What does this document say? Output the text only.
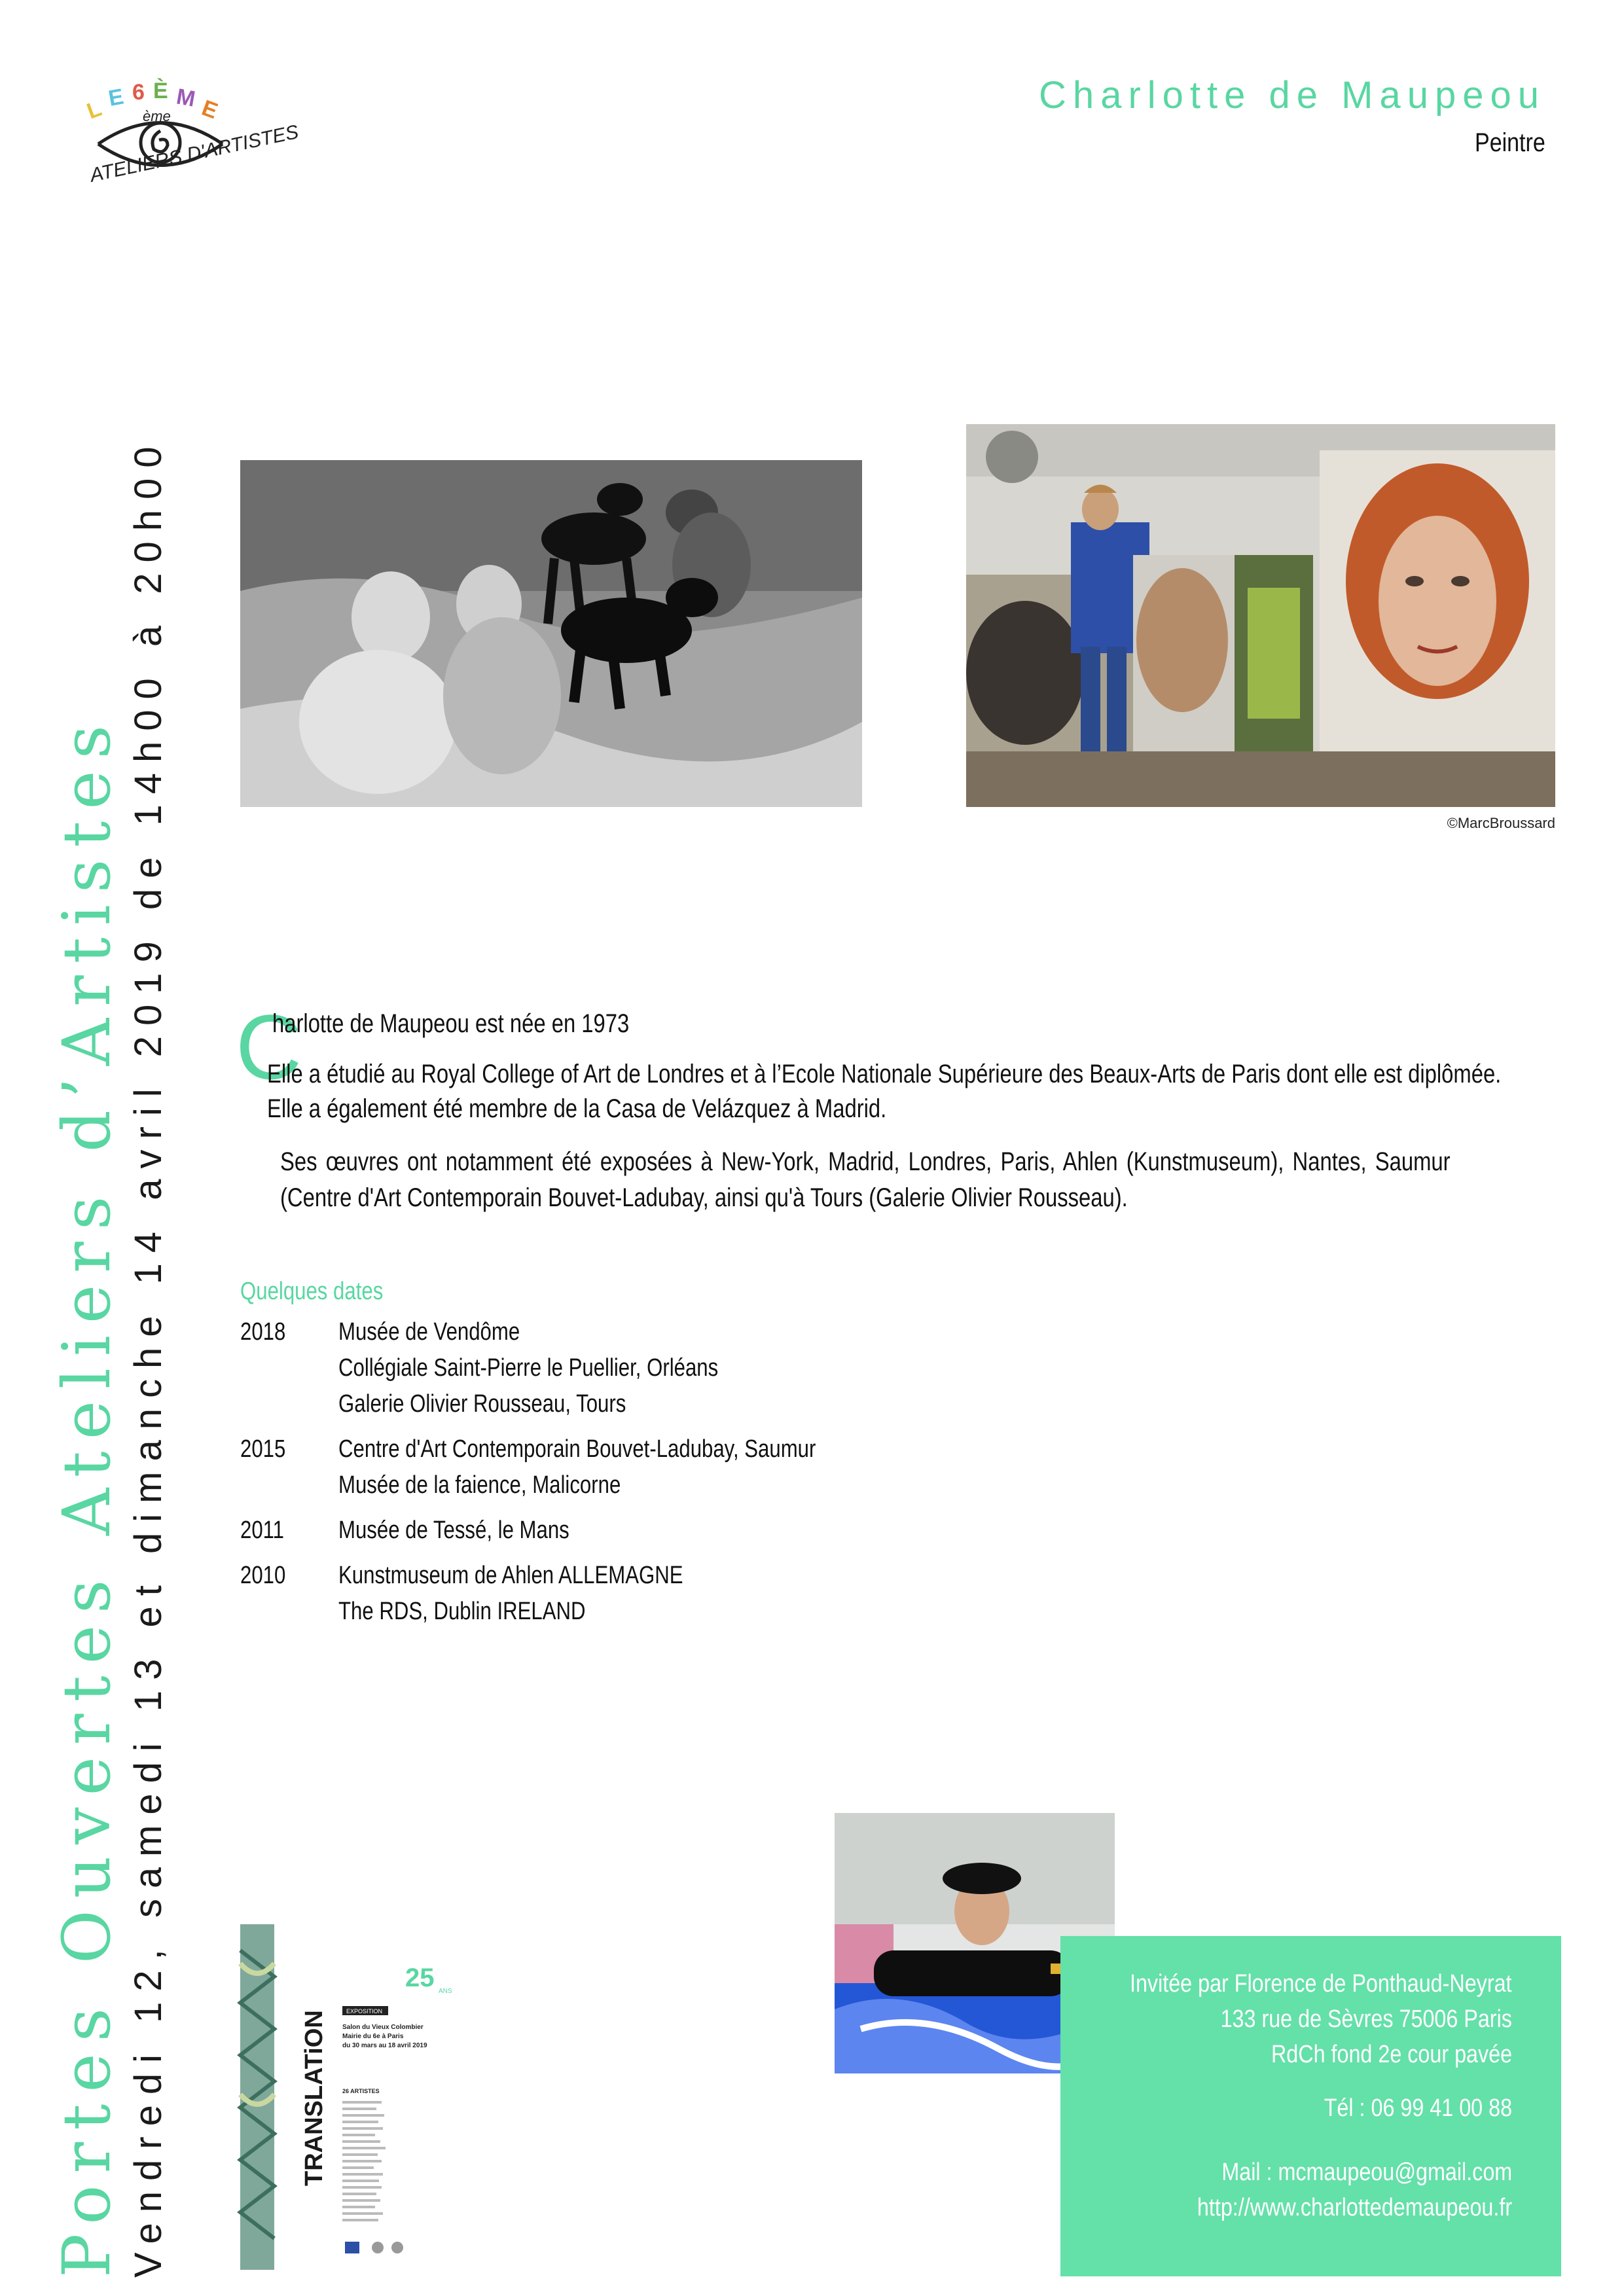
L E 6 È M E
ème
ATELIERS D'ARTISTES
Charlotte de Maupeou
Peintre
Portes Ouvertes Ateliers d’Artistes Vendredi 12, samedi 13 et dimanche 14 avril 2019 de 14h00 à 20h00	©MarcBroussard
C
harlotte de Maupeou est née en 1973
Elle a étudié au Royal College of Art de Londres et à l’Ecole Nationale Supérieure des Beaux-Arts de Paris dont elle est diplômée.
Elle a également été membre de la Casa de Velázquez à Madrid.
Ses œuvres ont notamment été exposées à New-York, Madrid, Londres, Paris, Ahlen (Kunstmuseum), Nantes, Saumur (Centre d'Art Contemporain Bouvet-Ladubay, ainsi qu'à Tours (Galerie Olivier Rousseau).
Quelques dates
2018	Musée de Vendôme
Collégiale Saint-Pierre le Puellier, Orléans
Galerie Olivier Rousseau, Tours
2015	Centre d'Art Contemporain Bouvet-Ladubay, Saumur
Musée de la faience, Malicorne
2011	Musée de Tessé, le Mans
2010	Kunstmuseum de Ahlen ALLEMAGNE
The RDS, Dublin IRELAND
TRANSLATiON
25 ANS
EXPOSITION
Salon du Vieux Colombier
Mairie du 6e à Paris
du 30 mars au 18 avril 2019
26 ARTISTES
Invitée par Florence de Ponthaud-Neyrat
133 rue de Sèvres 75006 Paris
RdCh fond 2e cour pavée
Tél : 06 99 41 00 88
Mail : mcmaupeou@gmail.com
http://www.charlottedemaupeou.fr
